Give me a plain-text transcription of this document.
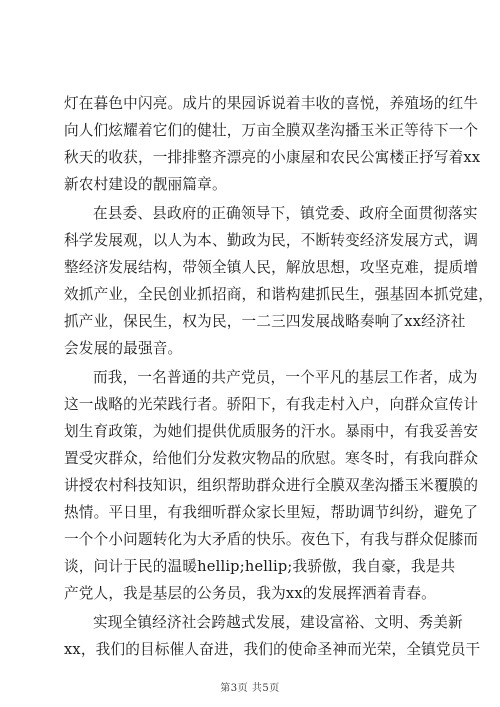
灯在暮色中闪亮。成片的果园诉说着丰收的喜悦，养殖场的红牛
向人们炫耀着它们的健壮，万亩全膜双垄沟播玉米正等待下一个
秋天的收获，一排排整齐漂亮的小康屋和农民公寓楼正抒写着xx
新农村建设的靓丽篇章。
在县委、县政府的正确领导下，镇党委、政府全面贯彻落实
科学发展观，以人为本、勤政为民，不断转变经济发展方式，调
整经济发展结构，带领全镇人民，解放思想，攻坚克难，提质增
效抓产业，全民创业抓招商，和谐构建抓民生，强基固本抓党建，
抓产业，保民生，权为民，一二三四发展战略奏响了xx经济社
会发展的最强音。
而我，一名普通的共产党员，一个平凡的基层工作者，成为
这一战略的光荣践行者。骄阳下，有我走村入户，向群众宣传计
划生育政策，为她们提供优质服务的汗水。暴雨中，有我妥善安
置受灾群众，给他们分发救灾物品的欣慰。寒冬时，有我向群众
讲授农村科技知识，组织帮助群众进行全膜双垄沟播玉米覆膜的
热情。平日里，有我细听群众家长里短，帮助调节纠纷，避免了
一个个小问题转化为大矛盾的快乐。夜色下，有我与群众促膝而
谈，问计于民的温暖hellip;hellip;我骄傲，我自豪，我是共
产党人，我是基层的公务员，我为xx的发展挥洒着青春。
实现全镇经济社会跨越式发展，建设富裕、文明、秀美新
xx，我们的目标催人奋进，我们的使命圣神而光荣，全镇党员干
第3页 共5页
